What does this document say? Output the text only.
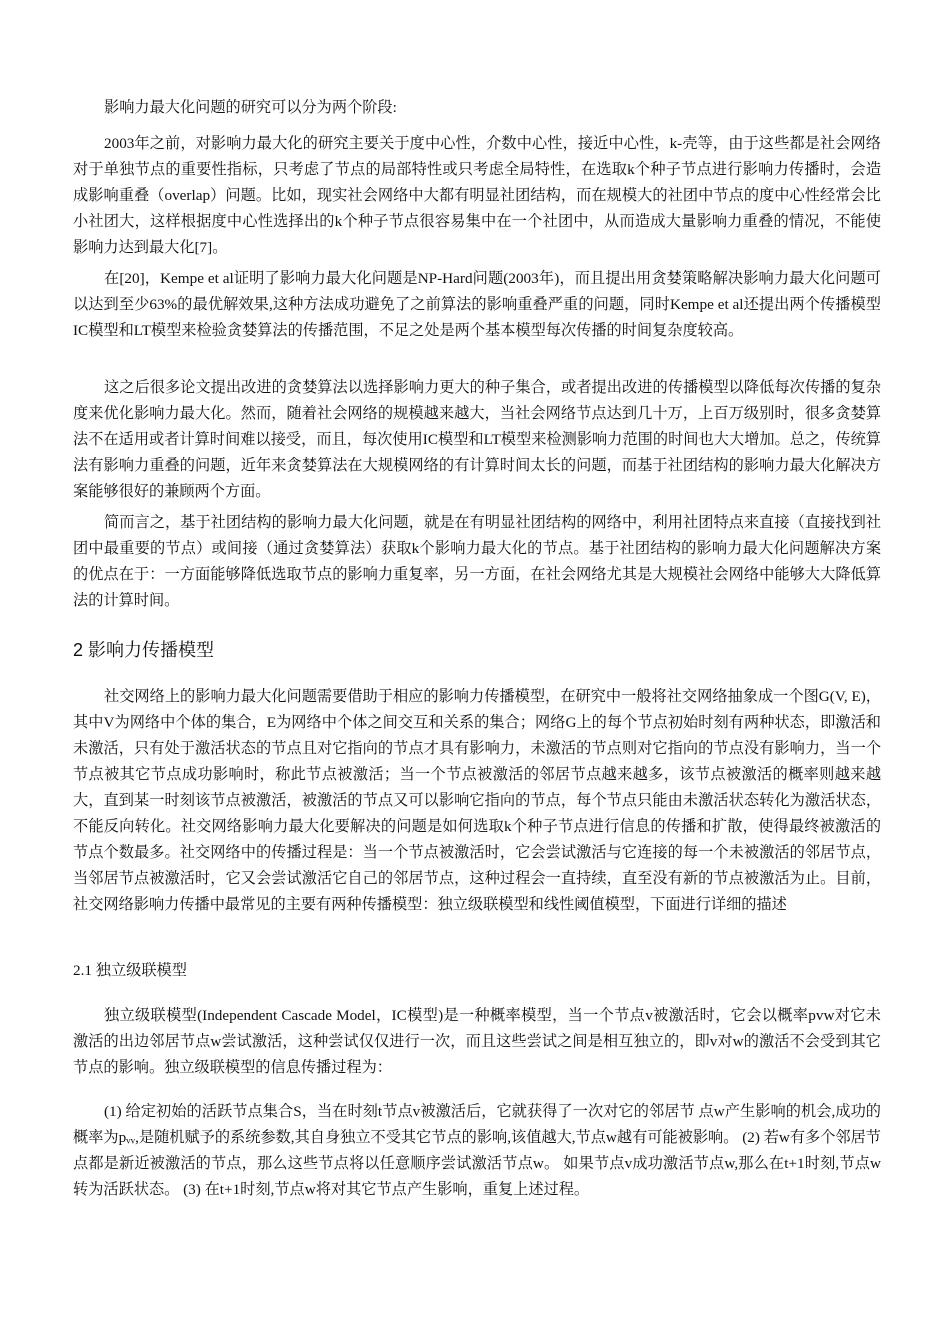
影响力最大化问题的研究可以分为两个阶段:

2003年之前，对影响力最大化的研究主要关于度中心性，介数中心性，接近中心性，k-壳等，由于这些都是社会网络对于单独节点的重要性指标，只考虑了节点的局部特性或只考虑全局特性，在选取k个种子节点进行影响力传播时，会造成影响重叠（overlap）问题。比如，现实社会网络中大都有明显社团结构，而在规模大的社团中节点的度中心性经常会比小社团大，这样根据度中心性选择出的k个种子节点很容易集中在一个社团中，从而造成大量影响力重叠的情况，不能使影响力达到最大化[7]。

在[20]，Kempe et al证明了影响力最大化问题是NP-Hard问题(2003年)，而且提出用贪婪策略解决影响力最大化问题可以达到至少63%的最优解效果,这种方法成功避免了之前算法的影响重叠严重的问题，同时Kempe et al还提出两个传播模型IC模型和LT模型来检验贪婪算法的传播范围，不足之处是两个基本模型每次传播的时间复杂度较高。

这之后很多论文提出改进的贪婪算法以选择影响力更大的种子集合，或者提出改进的传播模型以降低每次传播的复杂度来优化影响力最大化。然而，随着社会网络的规模越来越大，当社会网络节点达到几十万，上百万级别时，很多贪婪算法不在适用或者计算时间难以接受，而且，每次使用IC模型和LT模型来检测影响力范围的时间也大大增加。总之，传统算法有影响力重叠的问题，近年来贪婪算法在大规模网络的有计算时间太长的问题，而基于社团结构的影响力最大化解决方案能够很好的兼顾两个方面。

简而言之，基于社团结构的影响力最大化问题，就是在有明显社团结构的网络中，利用社团特点来直接（直接找到社团中最重要的节点）或间接（通过贪婪算法）获取k个影响力最大化的节点。基于社团结构的影响力最大化问题解决方案的优点在于：一方面能够降低选取节点的影响力重复率，另一方面，在社会网络尤其是大规模社会网络中能够大大降低算法的计算时间。

2 影响力传播模型

社交网络上的影响力最大化问题需要借助于相应的影响力传播模型，在研究中一般将社交网络抽象成一个图G(V, E)，其中V为网络中个体的集合，E为网络中个体之间交互和关系的集合；网络G上的每个节点初始时刻有两种状态，即激活和未激活，只有处于激活状态的节点且对它指向的节点才具有影响力，未激活的节点则对它指向的节点没有影响力，当一个节点被其它节点成功影响时，称此节点被激活；当一个节点被激活的邻居节点越来越多，该节点被激活的概率则越来越大，直到某一时刻该节点被激活，被激活的节点又可以影响它指向的节点，每个节点只能由未激活状态转化为激活状态，不能反向转化。社交网络影响力最大化要解决的问题是如何选取k个种子节点进行信息的传播和扩散，使得最终被激活的节点个数最多。社交网络中的传播过程是：当一个节点被激活时，它会尝试激活与它连接的每一个未被激活的邻居节点，当邻居节点被激活时，它又会尝试激活它自己的邻居节点，这种过程会一直持续，直至没有新的节点被激活为止。目前，社交网络影响力传播中最常见的主要有两种传播模型：独立级联模型和线性阈值模型，下面进行详细的描述

2.1 独立级联模型

独立级联模型(Independent Cascade Model，IC模型)是一种概率模型，当一个节点v被激活时，它会以概率pvw对它未激活的出边邻居节点w尝试激活，这种尝试仅仅进行一次，而且这些尝试之间是相互独立的，即v对w的激活不会受到其它节点的影响。独立级联模型的信息传播过程为：

(1) 给定初始的活跃节点集合S，当在时刻t节点v被激活后，它就获得了一次对它的邻居节 点w产生影响的机会,成功的概率为pᵥᵥ,是随机赋予的系统参数,其自身独立不受其它节点的影响,该值越大,节点w越有可能被影响。 (2) 若w有多个邻居节点都是新近被激活的节点，那么这些节点将以任意顺序尝试激活节点w。 如果节点v成功激活节点w,那么在t+1时刻,节点w转为活跃状态。 (3) 在t+1时刻,节点w将对其它节点产生影响，重复上述过程。
